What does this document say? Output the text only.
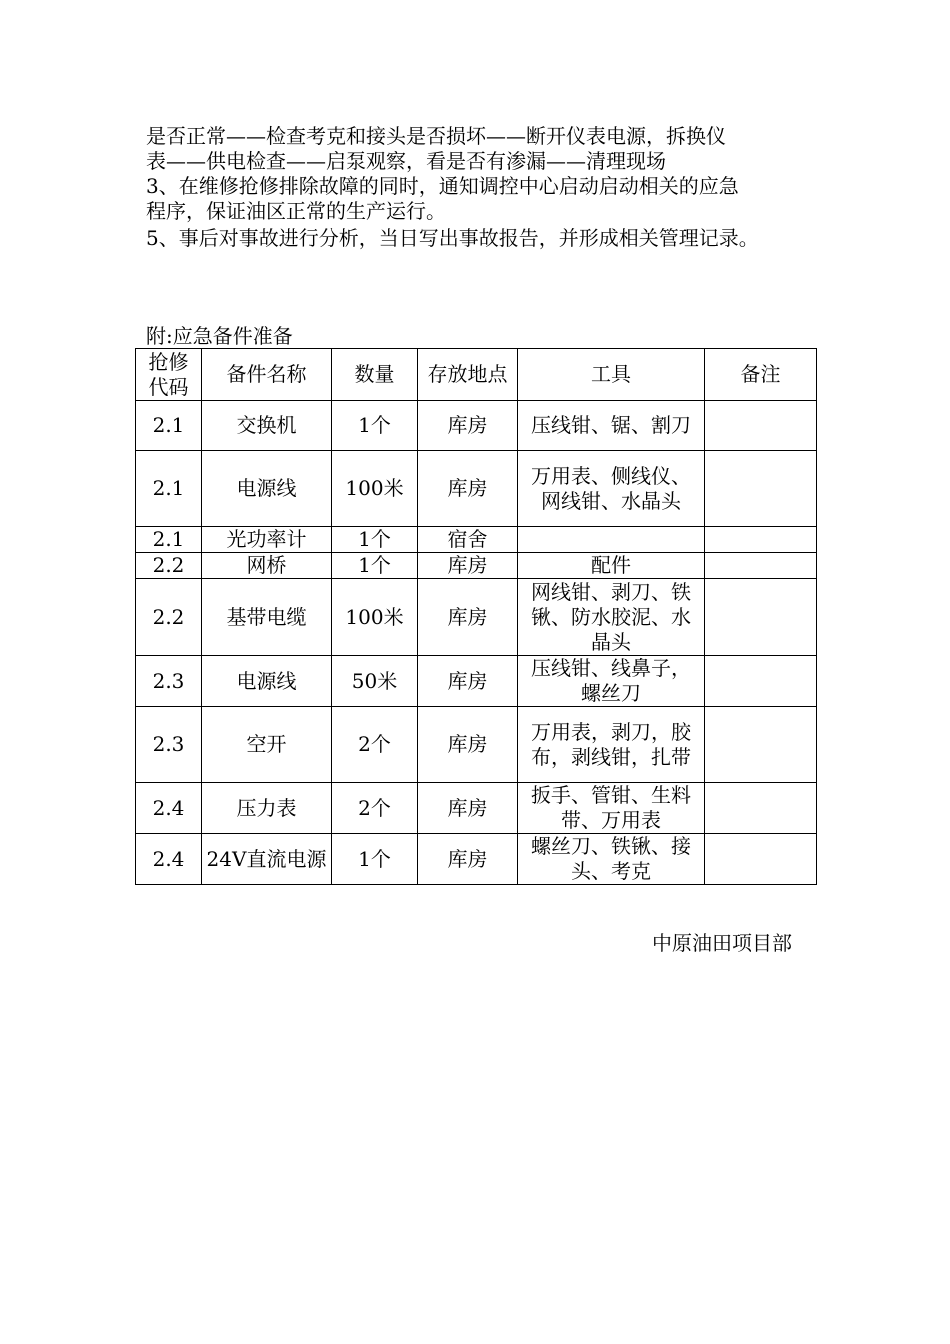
是否正常——检查考克和接头是否损坏——断开仪表电源，拆换仪
表——供电检查——启泵观察，看是否有渗漏——清理现场
3、在维修抢修排除故障的同时，通知调控中心启动启动相关的应急
程序，保证油区正常的生产运行。
5、事后对事故进行分析，当日写出事故报告，并形成相关管理记录。
附:应急备件准备
抢修代码	备件名称	数量	存放地点	工具	备注
2.1	交换机	1个	库房	压线钳、锯、割刀	
2.1	电源线	100米	库房	万用表、侧线仪、网线钳、水晶头	
2.1	光功率计	1个	宿舍		
2.2	网桥	1个	库房	配件	
2.2	基带电缆	100米	库房	网线钳、剥刀、铁锹、防水胶泥、水晶头	
2.3	电源线	50米	库房	压线钳、线鼻子，螺丝刀	
2.3	空开	2个	库房	万用表，剥刀，胶布，剥线钳，扎带	
2.4	压力表	2个	库房	扳手、管钳、生料带、万用表	
2.4	24V直流电源	1个	库房	螺丝刀、铁锹、接头、考克	
中原油田项目部
